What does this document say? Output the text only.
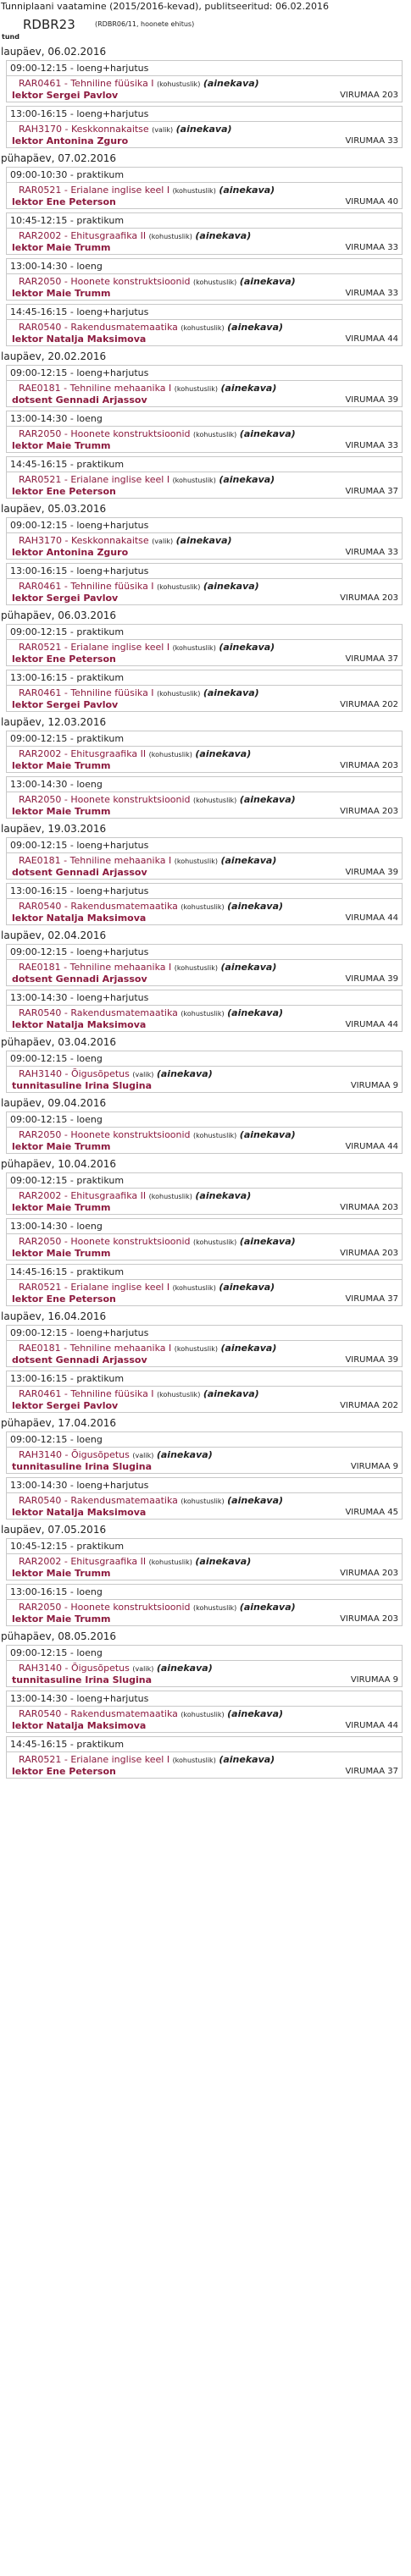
Tunniplaani vaatamine (2015/2016-kevad), publitseeritud: 06.02.2016
RDBR23	(RDBR06/11, hoonete ehitus)
tund
laupäev, 06.02.2016
09:00-12:15 - loeng+harjutus
RAR0461 - Tehniline füüsika I (kohustuslik) (ainekava)
lektor Sergei Pavlov	VIRUMAA 203
13:00-16:15 - loeng+harjutus
RAH3170 - Keskkonnakaitse (valik) (ainekava)
lektor Antonina Zguro	VIRUMAA 33
pühapäev, 07.02.2016
09:00-10:30 - praktikum
RAR0521 - Erialane inglise keel I (kohustuslik) (ainekava)
lektor Ene Peterson	VIRUMAA 40
10:45-12:15 - praktikum
RAR2002 - Ehitusgraafika II (kohustuslik) (ainekava)
lektor Maie Trumm	VIRUMAA 33
13:00-14:30 - loeng
RAR2050 - Hoonete konstruktsioonid (kohustuslik) (ainekava)
lektor Maie Trumm	VIRUMAA 33
14:45-16:15 - loeng+harjutus
RAR0540 - Rakendusmatemaatika (kohustuslik) (ainekava)
lektor Natalja Maksimova	VIRUMAA 44
laupäev, 20.02.2016
09:00-12:15 - loeng+harjutus
RAE0181 - Tehniline mehaanika I (kohustuslik) (ainekava)
dotsent Gennadi Arjassov	VIRUMAA 39
13:00-14:30 - loeng
RAR2050 - Hoonete konstruktsioonid (kohustuslik) (ainekava)
lektor Maie Trumm	VIRUMAA 33
14:45-16:15 - praktikum
RAR0521 - Erialane inglise keel I (kohustuslik) (ainekava)
lektor Ene Peterson	VIRUMAA 37
laupäev, 05.03.2016
09:00-12:15 - loeng+harjutus
RAH3170 - Keskkonnakaitse (valik) (ainekava)
lektor Antonina Zguro	VIRUMAA 33
13:00-16:15 - loeng+harjutus
RAR0461 - Tehniline füüsika I (kohustuslik) (ainekava)
lektor Sergei Pavlov	VIRUMAA 203
pühapäev, 06.03.2016
09:00-12:15 - praktikum
RAR0521 - Erialane inglise keel I (kohustuslik) (ainekava)
lektor Ene Peterson	VIRUMAA 37
13:00-16:15 - praktikum
RAR0461 - Tehniline füüsika I (kohustuslik) (ainekava)
lektor Sergei Pavlov	VIRUMAA 202
laupäev, 12.03.2016
09:00-12:15 - praktikum
RAR2002 - Ehitusgraafika II (kohustuslik) (ainekava)
lektor Maie Trumm	VIRUMAA 203
13:00-14:30 - loeng
RAR2050 - Hoonete konstruktsioonid (kohustuslik) (ainekava)
lektor Maie Trumm	VIRUMAA 203
laupäev, 19.03.2016
09:00-12:15 - loeng+harjutus
RAE0181 - Tehniline mehaanika I (kohustuslik) (ainekava)
dotsent Gennadi Arjassov	VIRUMAA 39
13:00-16:15 - loeng+harjutus
RAR0540 - Rakendusmatemaatika (kohustuslik) (ainekava)
lektor Natalja Maksimova	VIRUMAA 44
laupäev, 02.04.2016
09:00-12:15 - loeng+harjutus
RAE0181 - Tehniline mehaanika I (kohustuslik) (ainekava)
dotsent Gennadi Arjassov	VIRUMAA 39
13:00-14:30 - loeng+harjutus
RAR0540 - Rakendusmatemaatika (kohustuslik) (ainekava)
lektor Natalja Maksimova	VIRUMAA 44
pühapäev, 03.04.2016
09:00-12:15 - loeng
RAH3140 - Õigusõpetus (valik) (ainekava)
tunnitasuline Irina Slugina	VIRUMAA 9
laupäev, 09.04.2016
09:00-12:15 - loeng
RAR2050 - Hoonete konstruktsioonid (kohustuslik) (ainekava)
lektor Maie Trumm	VIRUMAA 44
pühapäev, 10.04.2016
09:00-12:15 - praktikum
RAR2002 - Ehitusgraafika II (kohustuslik) (ainekava)
lektor Maie Trumm	VIRUMAA 203
13:00-14:30 - loeng
RAR2050 - Hoonete konstruktsioonid (kohustuslik) (ainekava)
lektor Maie Trumm	VIRUMAA 203
14:45-16:15 - praktikum
RAR0521 - Erialane inglise keel I (kohustuslik) (ainekava)
lektor Ene Peterson	VIRUMAA 37
laupäev, 16.04.2016
09:00-12:15 - loeng+harjutus
RAE0181 - Tehniline mehaanika I (kohustuslik) (ainekava)
dotsent Gennadi Arjassov	VIRUMAA 39
13:00-16:15 - praktikum
RAR0461 - Tehniline füüsika I (kohustuslik) (ainekava)
lektor Sergei Pavlov	VIRUMAA 202
pühapäev, 17.04.2016
09:00-12:15 - loeng
RAH3140 - Õigusõpetus (valik) (ainekava)
tunnitasuline Irina Slugina	VIRUMAA 9
13:00-14:30 - loeng+harjutus
RAR0540 - Rakendusmatemaatika (kohustuslik) (ainekava)
lektor Natalja Maksimova	VIRUMAA 45
laupäev, 07.05.2016
10:45-12:15 - praktikum
RAR2002 - Ehitusgraafika II (kohustuslik) (ainekava)
lektor Maie Trumm	VIRUMAA 203
13:00-16:15 - loeng
RAR2050 - Hoonete konstruktsioonid (kohustuslik) (ainekava)
lektor Maie Trumm	VIRUMAA 203
pühapäev, 08.05.2016
09:00-12:15 - loeng
RAH3140 - Õigusõpetus (valik) (ainekava)
tunnitasuline Irina Slugina	VIRUMAA 9
13:00-14:30 - loeng+harjutus
RAR0540 - Rakendusmatemaatika (kohustuslik) (ainekava)
lektor Natalja Maksimova	VIRUMAA 44
14:45-16:15 - praktikum
RAR0521 - Erialane inglise keel I (kohustuslik) (ainekava)
lektor Ene Peterson	VIRUMAA 37
